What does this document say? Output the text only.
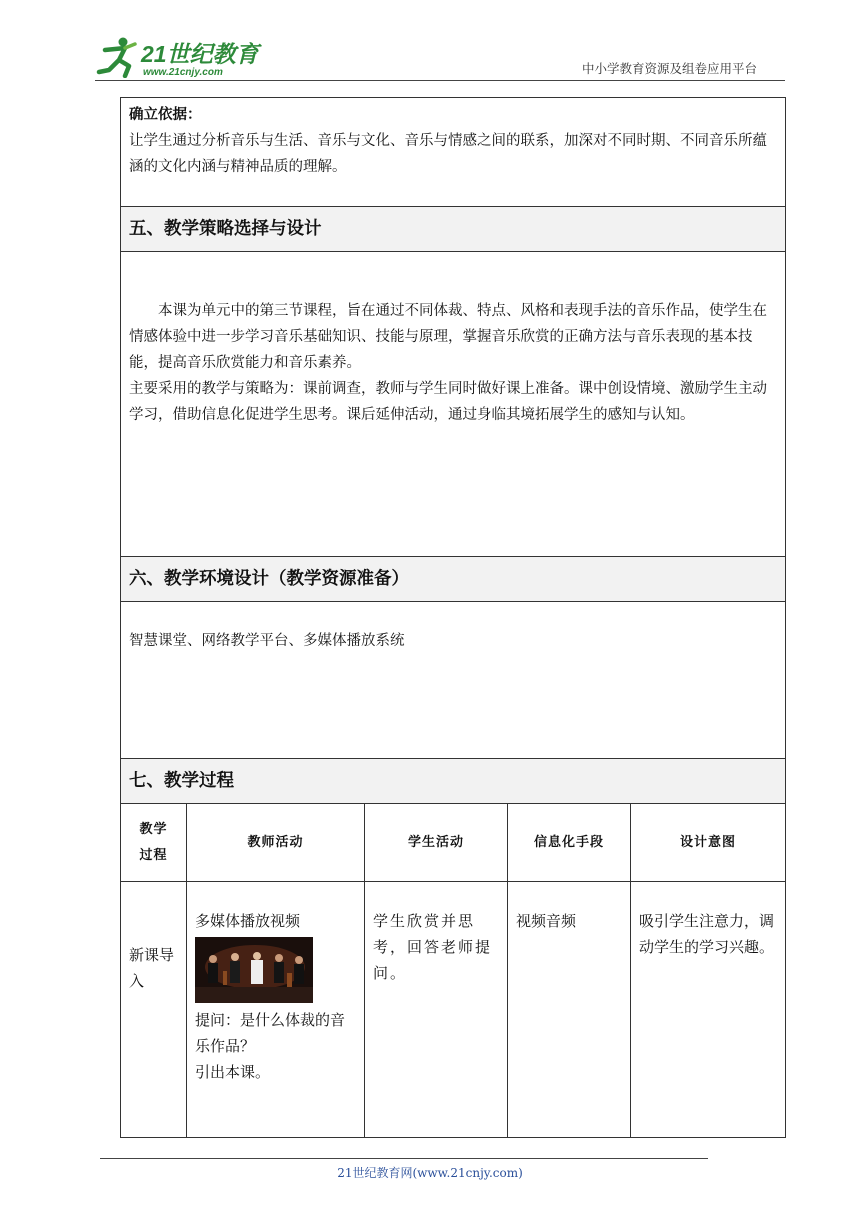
21世纪教育
www.21cnjy.com	中小学教育资源及组卷应用平台
确立依据：
让学生通过分析音乐与生活、音乐与文化、音乐与情感之间的联系，加深对不同时期、不同音乐所蕴涵的文化内涵与精神品质的理解。				

五、教学策略选择与设计				

本课为单元中的第三节课程，旨在通过不同体裁、特点、风格和表现手法的音乐作品，使学生在情感体验中进一步学习音乐基础知识、技能与原理，掌握音乐欣赏的正确方法与音乐表现的基本技能，提高音乐欣赏能力和音乐素养。
主要采用的教学与策略为：课前调查，教师与学生同时做好课上准备。课中创设情境、激励学生主动学习，借助信息化促进学生思考。课后延伸活动，通过身临其境拓展学生的感知与认知。				

六、教学环境设计（教学资源准备）				

智慧课堂、网络教学平台、多媒体播放系统				

七、教学过程				
教学
过程	教师活动	学生活动	信息化手段	设计意图
新课导入	多媒体播放视频
提问：是什么体裁的音乐作品？
引出本课。	学生欣赏并思考，回答老师提问。	视频音频	吸引学生注意力，调动学生的学习兴趣。
21世纪教育网(www.21cnjy.com)
